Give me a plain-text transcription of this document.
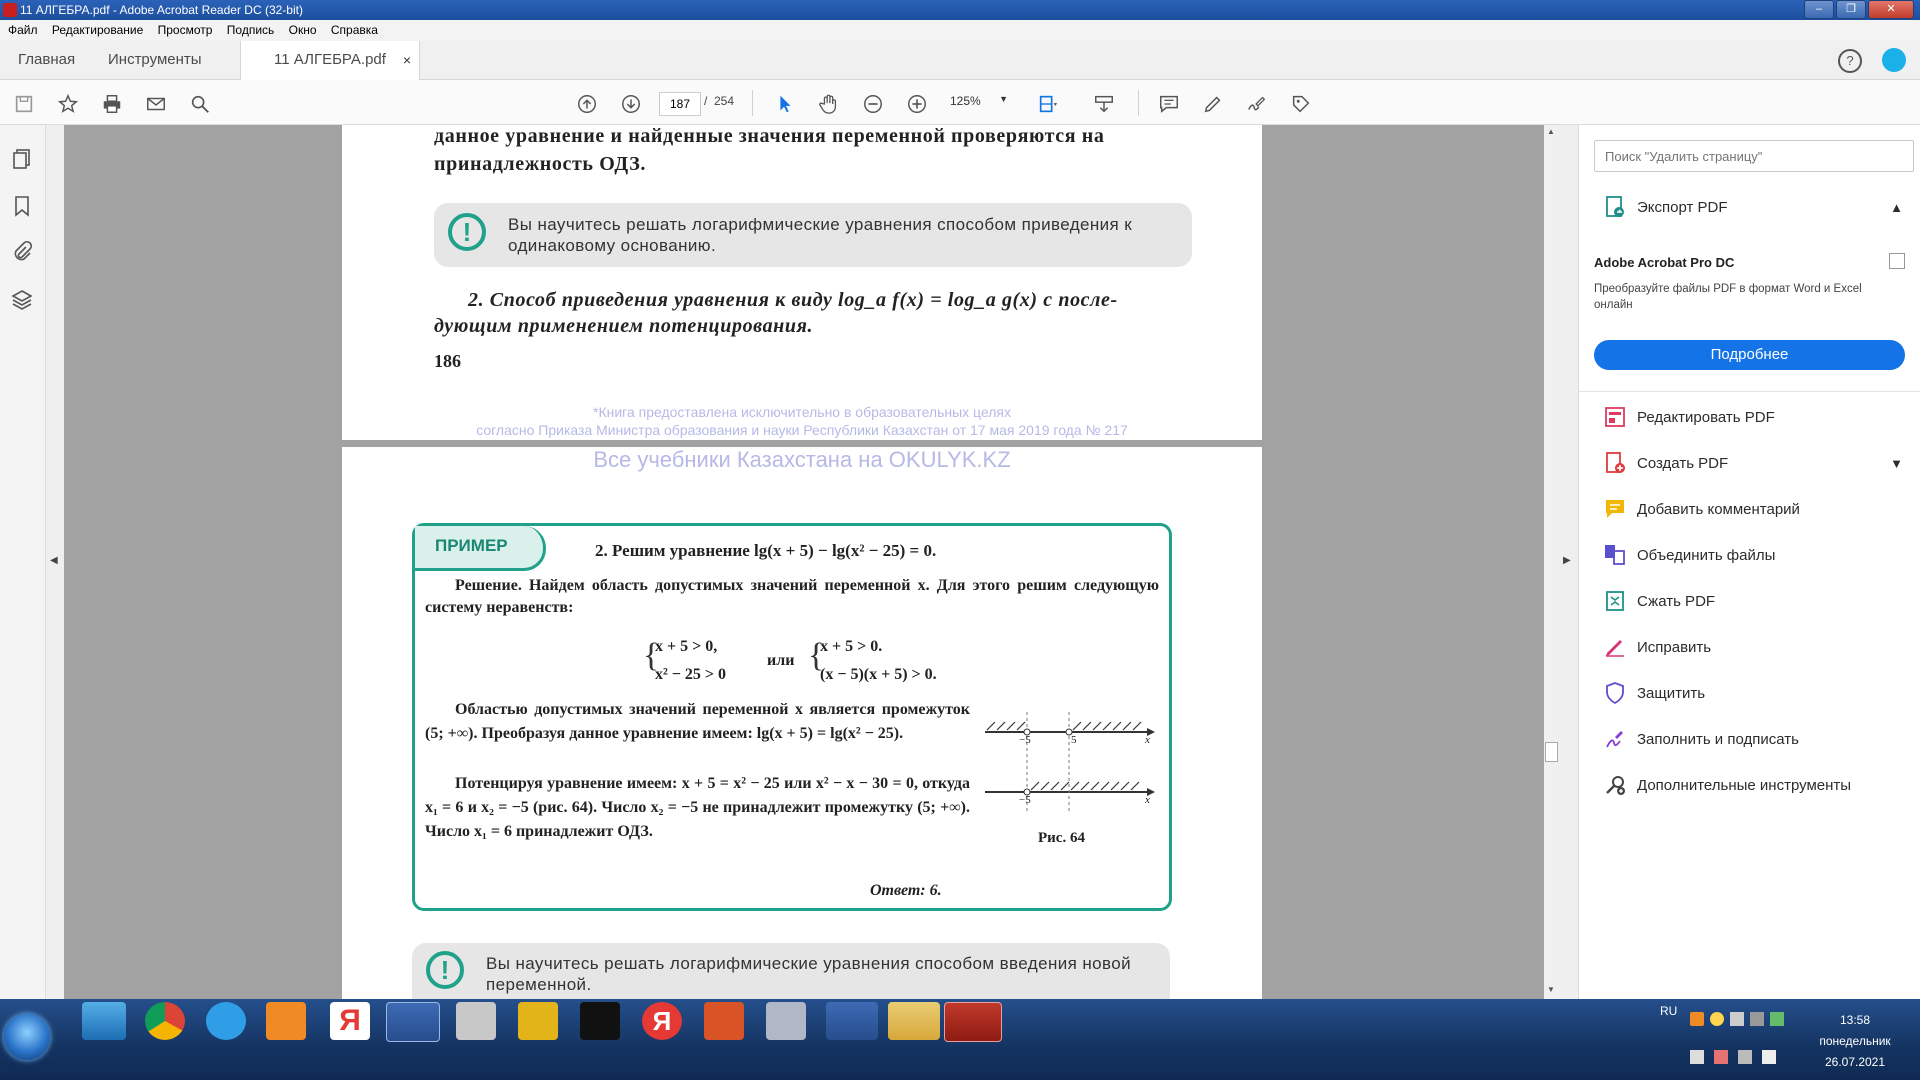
11 АЛГЕБРА.pdf - Adobe Acrobat Reader DC (32-bit)	–	❐	✕
Файл Редактирование Просмотр Подпись Окно Справка
Главная Инструменты	11 АЛГЕБРА.pdf ×	?
187	/ 254	125% ▼
◀
данное уравнение и найденные значения переменной проверяются на
принадлежность ОДЗ.
!	Вы научитесь решать логарифмические уравнения способом приведения к одинаковому основанию.
2. Способ приведения уравнения к виду log_a f(x) = log_a g(x) с после-
дующим применением потенцирования.
186
*Книга предоставлена исключительно в образовательных целях
согласно Приказа Министра образования и науки Республики Казахстан от 17 мая 2019 года № 217
Все учебники Казахстана на OKULYK.KZ
ПРИМЕР	2. Решим уравнение lg(x + 5) − lg(x² − 25) = 0.
Решение. Найдем область допустимых значений переменной x. Для этого решим следующую систему неравенств:
{
x + 5 > 0,
x² − 25 > 0
или {
x + 5 > 0.
(x − 5)(x + 5) > 0.
Областью допустимых значений переменной x является промежуток (5; +∞). Преобразуя данное уравнение имеем: lg(x + 5) = lg(x² − 25).
Потенцируя уравнение имеем: x + 5 = x² − 25 или x² − x − 30 = 0, откуда x₁ = 6 и x₂ = −5 (рис. 64). Число x₂ = −5 не принадлежит промежутку (5; +∞). Число x₁ = 6 принадлежит ОДЗ.
Ответ: 6.
−5	5	x
−5	x
Рис. 64
!	Вы научитесь решать логарифмические уравнения способом введения новой переменной.
▲
▼
▶
Поиск "Удалить страницу"
Экспорт PDF	▲
Adobe Acrobat Pro DC
Преобразуйте файлы PDF в формат Word и Excel онлайн
Подробнее
Редактировать PDF
Создать PDF	▼
Добавить комментарий
Объединить файлы
Сжать PDF
Исправить
Защитить
Заполнить и подписать
Дополнительные инструменты
Я	Я	RU
13:58
понедельник
26.07.2021
